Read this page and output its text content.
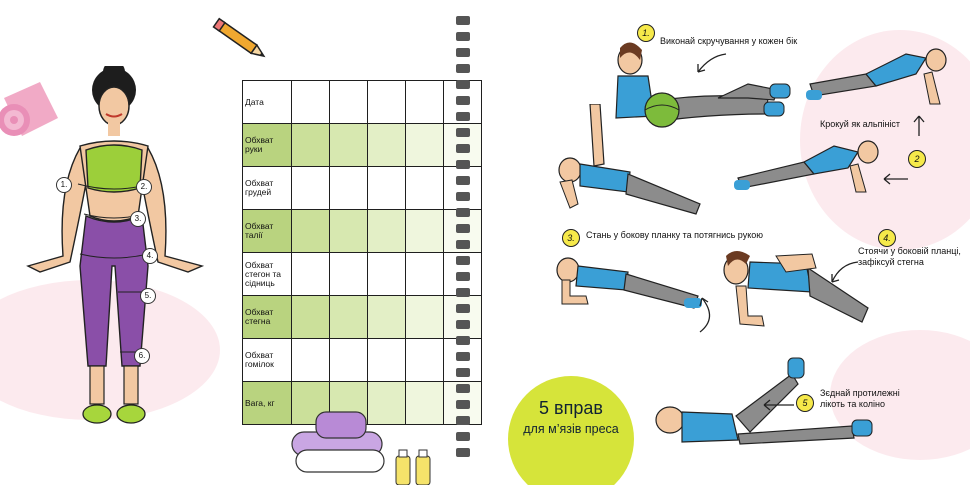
1.	2.
3.
4.
5.
6.
Дата					
Обхват руки					
Обхват грудей					
Обхват талії					
Обхват стегон та сідниць					
Обхват стегна					
Обхват гомілок					
Вага, кг					
1.
Виконай скручування у кожен бік
Крокуй як альпініст
2
3.	Стань у бокову планку та потягнись рукою	4.
Стоячи у боковій планці, зафіксуй стегна
5
Зєднай протилежні лікоть та коліно
5 вправ
для м’язів преса
